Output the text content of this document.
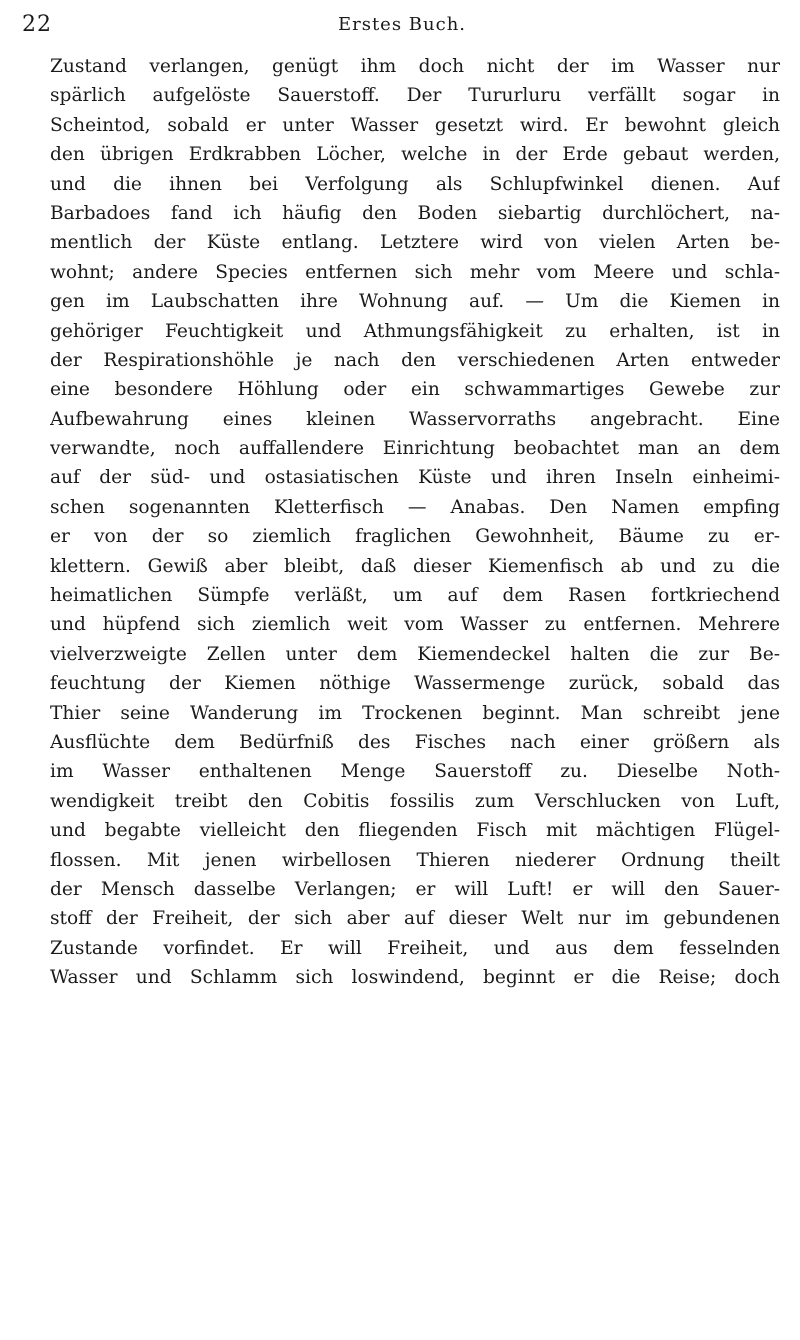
22	Erstes Buch.
Zustand verlangen, genügt ihm doch nicht der im Wasser nur
spärlich aufgelöste Sauerstoff. Der Tururluru verfällt sogar in
Scheintod, sobald er unter Wasser gesetzt wird. Er bewohnt gleich
den übrigen Erdkrabben Löcher, welche in der Erde gebaut werden,
und die ihnen bei Verfolgung als Schlupfwinkel dienen. Auf
Barbadoes fand ich häufig den Boden siebartig durchlöchert, na-
mentlich der Küste entlang. Letztere wird von vielen Arten be-
wohnt; andere Species entfernen sich mehr vom Meere und schla-
gen im Laubschatten ihre Wohnung auf. — Um die Kiemen in
gehöriger Feuchtigkeit und Athmungsfähigkeit zu erhalten, ist in
der Respirationshöhle je nach den verschiedenen Arten entweder
eine besondere Höhlung oder ein schwammartiges Gewebe zur
Aufbewahrung eines kleinen Wasservorraths angebracht. Eine
verwandte, noch auffallendere Einrichtung beobachtet man an dem
auf der süd- und ostasiatischen Küste und ihren Inseln einheimi-
schen sogenannten Kletterfisch — Anabas. Den Namen empfing
er von der so ziemlich fraglichen Gewohnheit, Bäume zu er-
klettern. Gewiß aber bleibt, daß dieser Kiemenfisch ab und zu die
heimatlichen Sümpfe verläßt, um auf dem Rasen fortkriechend
und hüpfend sich ziemlich weit vom Wasser zu entfernen. Mehrere
vielverzweigte Zellen unter dem Kiemendeckel halten die zur Be-
feuchtung der Kiemen nöthige Wassermenge zurück, sobald das
Thier seine Wanderung im Trockenen beginnt. Man schreibt jene
Ausflüchte dem Bedürfniß des Fisches nach einer größern als
im Wasser enthaltenen Menge Sauerstoff zu. Dieselbe Noth-
wendigkeit treibt den Cobitis fossilis zum Verschlucken von Luft,
und begabte vielleicht den fliegenden Fisch mit mächtigen Flügel-
flossen. Mit jenen wirbellosen Thieren niederer Ordnung theilt
der Mensch dasselbe Verlangen; er will Luft! er will den Sauer-
stoff der Freiheit, der sich aber auf dieser Welt nur im gebundenen
Zustande vorfindet. Er will Freiheit, und aus dem fesselnden
Wasser und Schlamm sich loswindend, beginnt er die Reise; doch
